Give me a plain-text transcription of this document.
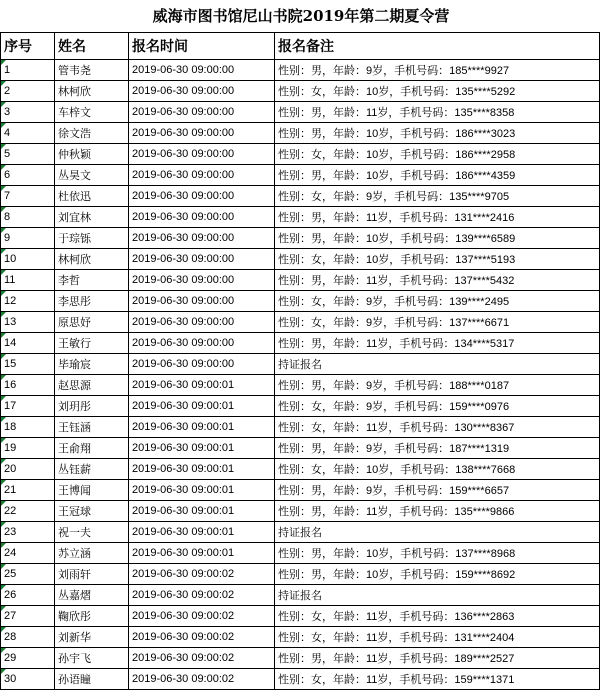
威海市图书馆尼山书院2019年第二期夏令营
序号	姓名	报名时间	报名备注
1	管韦尧	2019-06-30 09:00:00	性别：男，年龄：9岁，手机号码：185****9927
2	林柯欣	2019-06-30 09:00:00	性别：女，年龄：10岁，手机号码：135****5292
3	车梓文	2019-06-30 09:00:00	性别：男，年龄：11岁，手机号码：135****8358
4	徐文浩	2019-06-30 09:00:00	性别：男，年龄：10岁，手机号码：186****3023
5	仲秋颖	2019-06-30 09:00:00	性别：女，年龄：10岁，手机号码：186****2958
6	丛昊文	2019-06-30 09:00:00	性别：男，年龄：10岁，手机号码：186****4359
7	杜依迅	2019-06-30 09:00:00	性别：女，年龄：9岁，手机号码：135****9705
8	刘宜林	2019-06-30 09:00:00	性别：男，年龄：11岁，手机号码：131****2416
9	于琮铄	2019-06-30 09:00:00	性别：男，年龄：10岁，手机号码：139****6589
10	林柯欣	2019-06-30 09:00:00	性别：女，年龄：10岁，手机号码：137****5193
11	李哲	2019-06-30 09:00:00	性别：男，年龄：11岁，手机号码：137****5432
12	李思彤	2019-06-30 09:00:00	性别：女，年龄：9岁，手机号码：139****2495
13	原思妤	2019-06-30 09:00:00	性别：女，年龄：9岁，手机号码：137****6671
14	王敏行	2019-06-30 09:00:00	性别：男，年龄：11岁，手机号码：134****5317
15	毕瑜宸	2019-06-30 09:00:00	持证报名
16	赵思源	2019-06-30 09:00:01	性别：男，年龄：9岁，手机号码：188****0187
17	刘玥彤	2019-06-30 09:00:01	性别：女，年龄：9岁，手机号码：159****0976
18	王钰涵	2019-06-30 09:00:01	性别：女，年龄：11岁，手机号码：130****8367
19	王俞翔	2019-06-30 09:00:01	性别：男，年龄：9岁，手机号码：187****1319
20	丛钰薪	2019-06-30 09:00:01	性别：女，年龄：10岁，手机号码：138****7668
21	王博闻	2019-06-30 09:00:01	性别：男，年龄：9岁，手机号码：159****6657
22	王冠球	2019-06-30 09:00:01	性别：男，年龄：11岁，手机号码：135****9866
23	祝一夫	2019-06-30 09:00:01	持证报名
24	苏立涵	2019-06-30 09:00:01	性别：男，年龄：10岁，手机号码：137****8968
25	刘雨轩	2019-06-30 09:00:02	性别：男，年龄：10岁，手机号码：159****8692
26	丛嘉熠	2019-06-30 09:00:02	持证报名
27	鞠欣彤	2019-06-30 09:00:02	性别：女，年龄：11岁，手机号码：136****2863
28	刘新华	2019-06-30 09:00:02	性别：女，年龄：11岁，手机号码：131****2404
29	孙宇飞	2019-06-30 09:00:02	性别：男，年龄：11岁，手机号码：189****2527
30	孙语瞳	2019-06-30 09:00:02	性别：女，年龄：11岁，手机号码：159****1371
